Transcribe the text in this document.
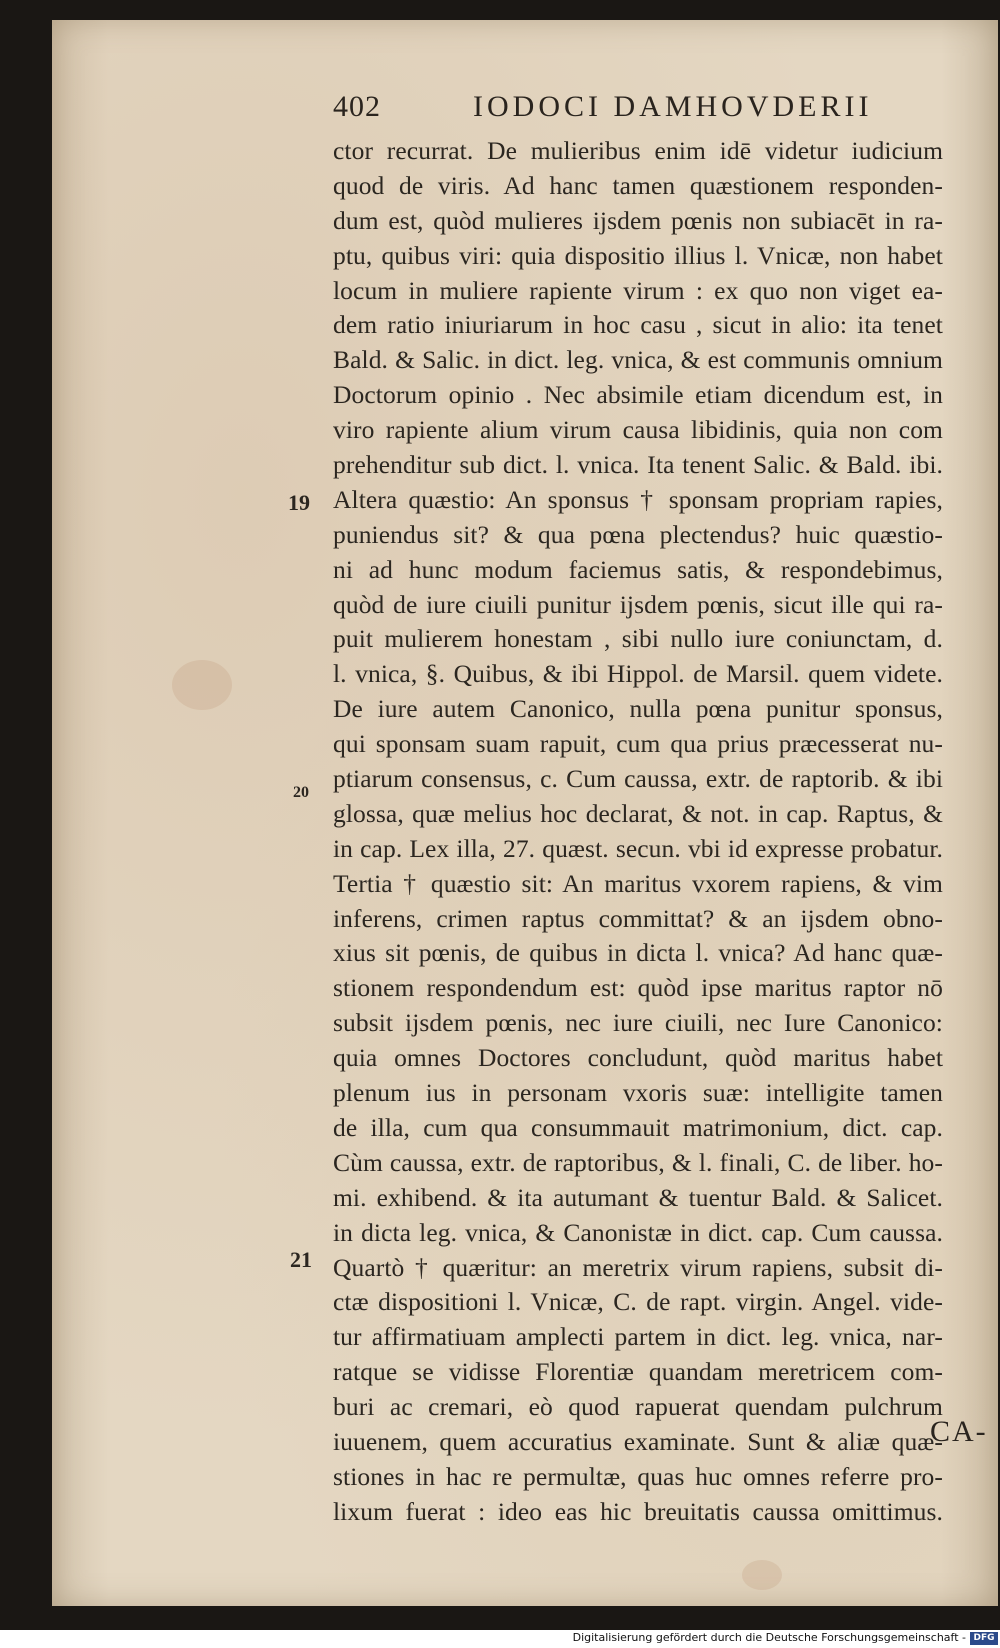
402	IODOCI DAMHOVDERII
ctor recurrat. De mulieribus enim idē videtur iudicium
quod de viris. Ad hanc tamen quæstionem responden-
dum est, quòd mulieres ijsdem pœnis non subiacēt in ra-
ptu, quibus viri: quia dispositio illius l. Vnicæ, non habet
locum in muliere rapiente virum : ex quo non viget ea-
dem ratio iniuriarum in hoc casu , sicut in alio: ita tenet
Bald. & Salic. in dict. leg. vnica, & est communis omnium
Doctorum opinio . Nec absimile etiam dicendum est, in
viro rapiente alium virum causa libidinis, quia non com
prehenditur sub dict. l. vnica. Ita tenent Salic. & Bald. ibi.
Altera quæstio: An sponsus † sponsam propriam rapies,
puniendus sit? & qua pœna plectendus? huic quæstio-
ni ad hunc modum faciemus satis, & respondebimus,
quòd de iure ciuili punitur ijsdem pœnis, sicut ille qui ra-
puit mulierem honestam , sibi nullo iure coniunctam, d.
l. vnica, §. Quibus, & ibi Hippol. de Marsil. quem videte.
De iure autem Canonico, nulla pœna punitur sponsus,
qui sponsam suam rapuit, cum qua prius præcesserat nu-
ptiarum consensus, c. Cum caussa, extr. de raptorib. & ibi
glossa, quæ melius hoc declarat, & not. in cap. Raptus, &
in cap. Lex illa, 27. quæst. secun. vbi id expresse probatur.
Tertia † quæstio sit: An maritus vxorem rapiens, & vim
inferens, crimen raptus committat? & an ijsdem obno-
xius sit pœnis, de quibus in dicta l. vnica? Ad hanc quæ-
stionem respondendum est: quòd ipse maritus raptor nō
subsit ijsdem pœnis, nec iure ciuili, nec Iure Canonico:
quia omnes Doctores concludunt, quòd maritus habet
plenum ius in personam vxoris suæ: intelligite tamen
de illa, cum qua consummauit matrimonium, dict. cap.
Cùm caussa, extr. de raptoribus, & l. finali, C. de liber. ho-
mi. exhibend. & ita autumant & tuentur Bald. & Salicet.
in dicta leg. vnica, & Canonistæ in dict. cap. Cum caussa.
Quartò † quæritur: an meretrix virum rapiens, subsit di-
ctæ dispositioni l. Vnicæ, C. de rapt. virgin. Angel. vide-
tur affirmatiuam amplecti partem in dict. leg. vnica, nar-
ratque se vidisse Florentiæ quandam meretricem com-
buri ac cremari, eò quod rapuerat quendam pulchrum
iuuenem, quem accuratius examinate. Sunt & aliæ quæ-
stiones in hac re permultæ, quas huc omnes referre pro-
lixum fuerat : ideo eas hic breuitatis caussa omittimus.
19
20
21
CA-
Digitalisierung gefördert durch die Deutsche Forschungsgemeinschaft - DFG
